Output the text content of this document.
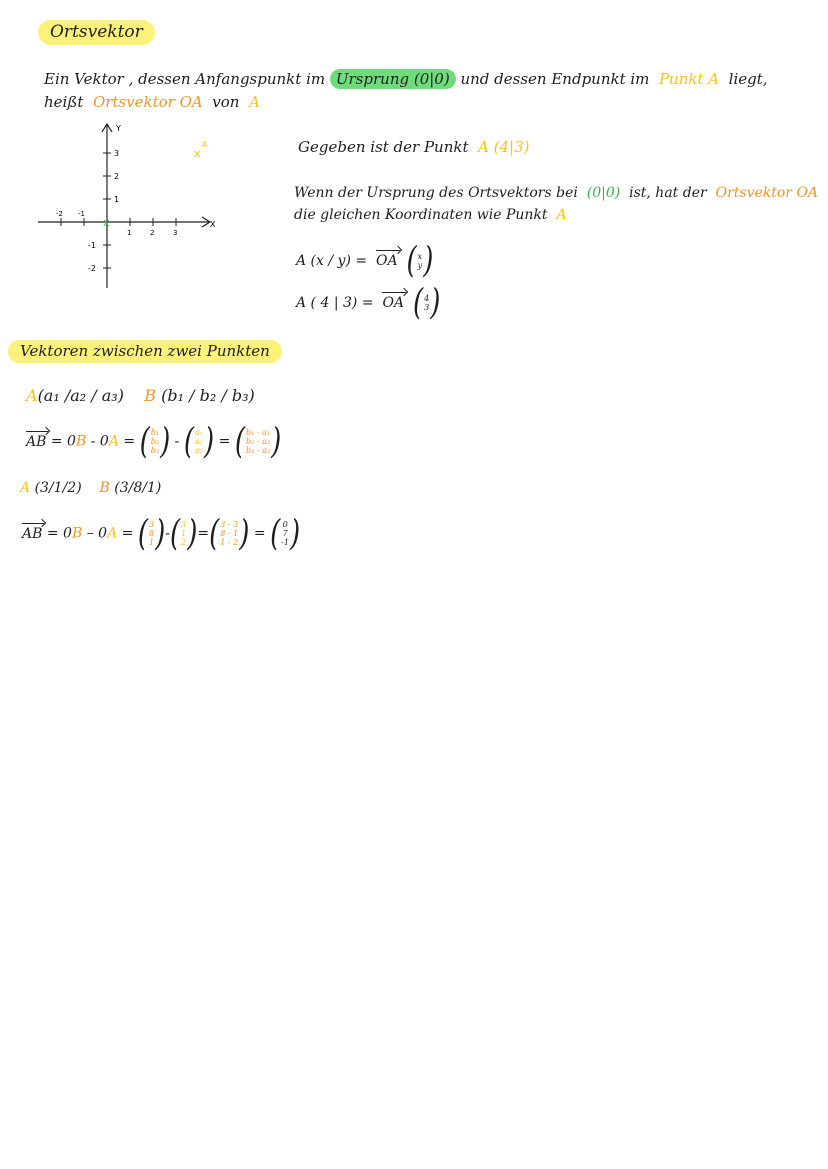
Ortsvektor
Ein Vektor , dessen Anfangspunkt im Ursprung (0|0) und dessen Endpunkt im Punkt A liegt,
heißt Ortsvektor OA von A
Y
X
-2 -1
1	2	3
3
2
1
-1
-2
x
x
A	Gegeben ist der Punkt A (4|3)
Wenn der Ursprung des Ortsvektors bei (0|0) ist, hat der Ortsvektor OA
die gleichen Koordinaten wie Punkt A
A (x / y) = OA ( x
y )
A ( 4 | 3) = OA ( 4
3 )
Vektoren zwischen zwei Punkten
A(a₁ /a₂ / a₃) B (b₁ / b₂ / b₃)
AB = 0B - 0A = ( b₁
b₂
b₃ ) - ( a₁
a₂
a₃ ) = ( b₁ - a₁
b₂ - a₂
b₃ - a₃ )
A (3/1/2) B (3/8/1)
AB = 0B – 0A = ( 3
8
1 )-( 3
1
2 )=( 3 - 3
8 - 1
1 - 2 ) = ( 0
7
-1 )
